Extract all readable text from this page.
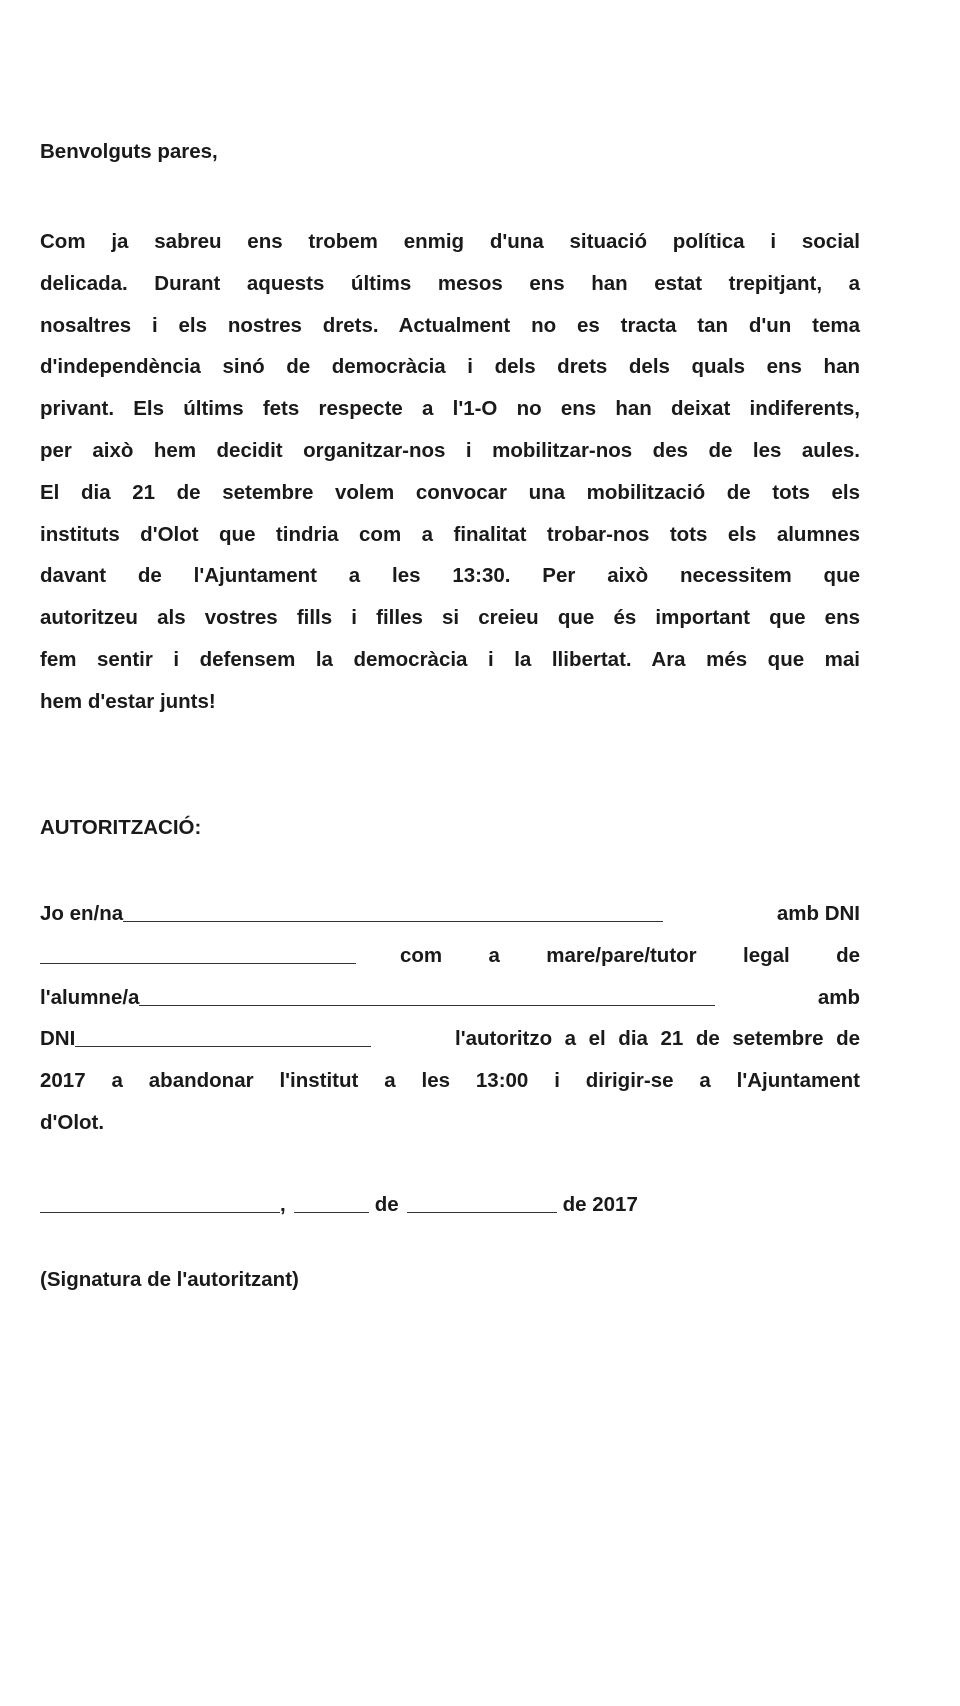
Benvolguts pares,
Com ja sabreu ens trobem enmig d'una situació política i social
delicada. Durant aquests últims mesos ens han estat trepitjant, a
nosaltres i els nostres drets. Actualment no es tracta tan d'un tema
d'independència sinó de democràcia i dels drets dels quals ens han
privant. Els últims fets respecte a l'1-O no ens han deixat indiferents,
per això hem decidit organitzar-nos i mobilitzar-nos des de les aules.
El dia 21 de setembre volem convocar una mobilització de tots els
instituts d'Olot que tindria com a finalitat trobar-nos tots els alumnes
davant de l'Ajuntament a les 13:30. Per això necessitem que
autoritzeu als vostres fills i filles si creieu que és important que ens
fem sentir i defensem la democràcia i la llibertat. Ara més que mai
hem d'estar junts!
AUTORITZACIÓ:
Jo en/na	amb DNI
com a mare/pare/tutor legal de
l'alumne/a	amb
DNI	l'autoritzo a el dia 21 de setembre de
2017 a abandonar l'institut a les 13:00 i dirigir-se a l'Ajuntament
d'Olot.
,	de	de 2017
(Signatura de l'autoritzant)
